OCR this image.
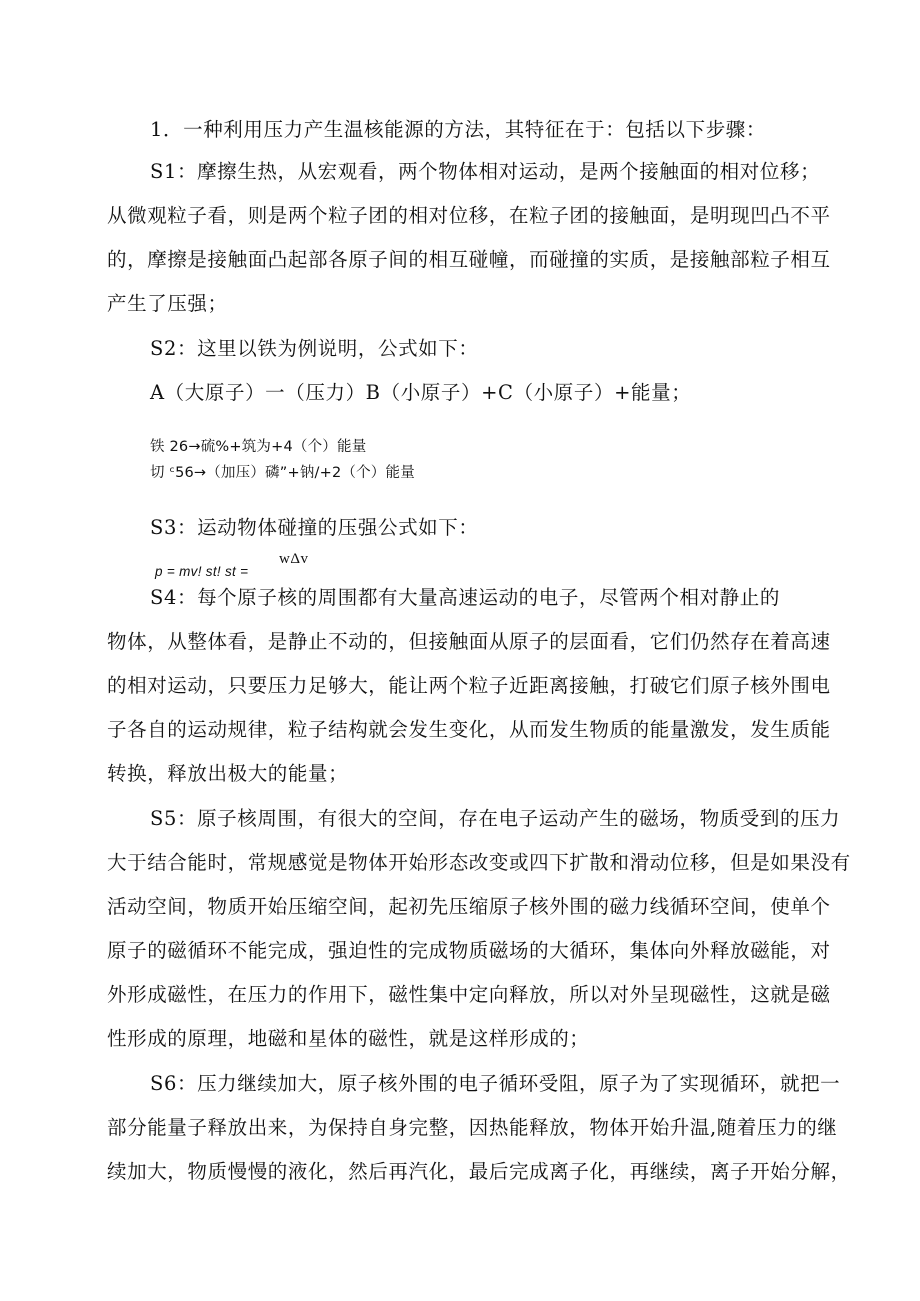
1．一种利用压力产生温核能源的方法，其特征在于：包括以下步骤：
S1：摩擦生热，从宏观看，两个物体相对运动，是两个接触面的相对位移；
从微观粒子看，则是两个粒子团的相对位移，在粒子团的接触面，是明现凹凸不平
的，摩擦是接触面凸起部各原子间的相互碰幢，而碰撞的实质，是接触部粒子相互
产生了压强；
S2：这里以铁为例说明，公式如下：
A（大原子）一（压力）B（小原子）+C（小原子）+能量；
铁 26→硫%+筑为+4（个）能量
切 ᶜ56→（加压）磷”+钠/+2（个）能量
S3：运动物体碰撞的压强公式如下：
wΔv
p = mv! st! st =
S4：每个原子核的周围都有大量高速运动的电子，尽管两个相对静止的
物体，从整体看，是静止不动的，但接触面从原子的层面看，它们仍然存在着高速
的相对运动，只要压力足够大，能让两个粒子近距离接触，打破它们原子核外围电
子各自的运动规律，粒子结构就会发生变化，从而发生物质的能量激发，发生质能
转换，释放出极大的能量；
S5：原子核周围，有很大的空间，存在电子运动产生的磁场，物质受到的压力
大于结合能时，常规感觉是物体开始形态改变或四下扩散和滑动位移，但是如果没有
活动空间，物质开始压缩空间，起初先压缩原子核外围的磁力线循环空间，使单个
原子的磁循环不能完成，强迫性的完成物质磁场的大循环，集体向外释放磁能，对
外形成磁性，在压力的作用下，磁性集中定向释放，所以对外呈现磁性，这就是磁
性形成的原理，地磁和星体的磁性，就是这样形成的；
S6：压力继续加大，原子核外围的电子循环受阻，原子为了实现循环，就把一
部分能量子释放出来，为保持自身完整，因热能释放，物体开始升温,随着压力的继
续加大，物质慢慢的液化，然后再汽化，最后完成离子化，再继续，离子开始分解，
